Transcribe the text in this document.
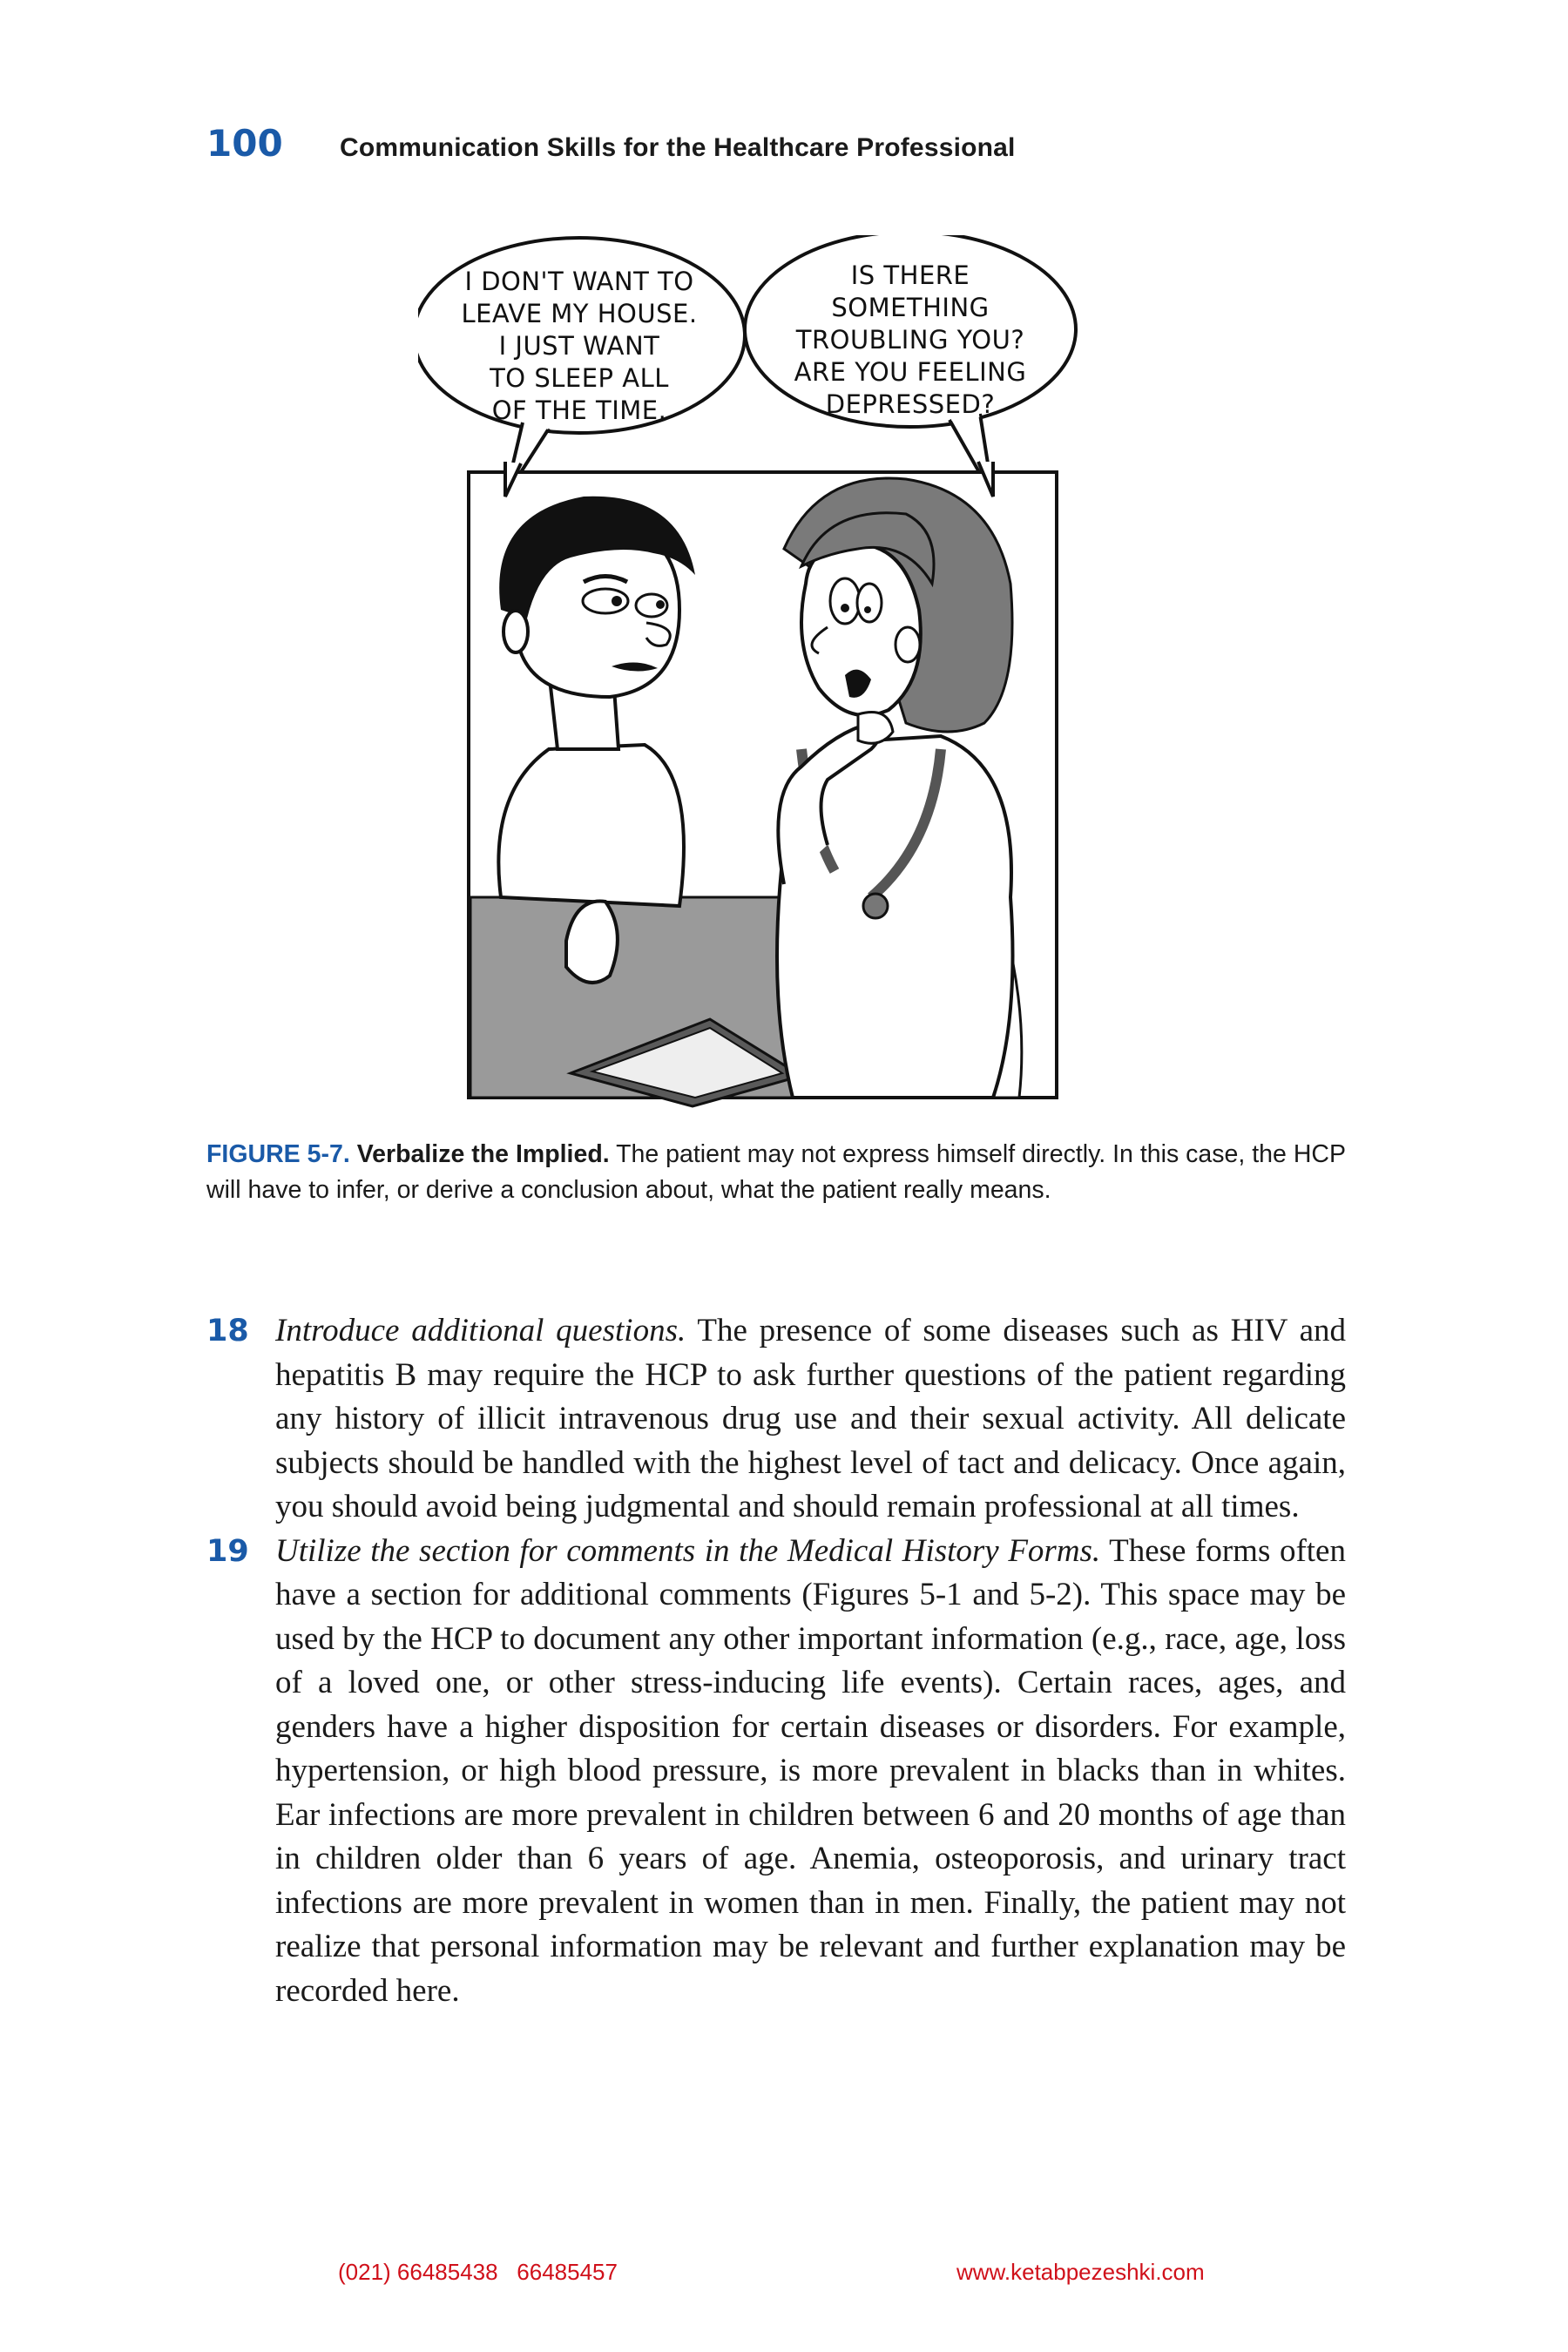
100	Communication Skills for the Healthcare Professional
I DON'T WANT TO
LEAVE MY HOUSE.
I JUST WANT
TO SLEEP ALL
OF THE TIME.
IS THERE
SOMETHING
TROUBLING YOU?
ARE YOU FEELING
DEPRESSED?
FIGURE 5-7. Verbalize the Implied. The patient may not express himself directly. In this case, the HCP will have to infer, or derive a conclusion about, what the patient really means.
18 Introduce additional questions. The presence of some diseases such as HIV and hepatitis B may require the HCP to ask further questions of the patient regarding any history of illicit intravenous drug use and their sexual activity. All delicate subjects should be handled with the highest level of tact and delicacy. Once again, you should avoid being judgmental and should remain professional at all times.
19 Utilize the section for comments in the Medical History Forms. These forms often have a section for additional comments (Figures 5-1 and 5-2). This space may be used by the HCP to document any other important information (e.g., race, age, loss of a loved one, or other stress-inducing life events). Certain races, ages, and genders have a higher disposition for certain diseases or disorders. For example, hypertension, or high blood pressure, is more prevalent in blacks than in whites. Ear infections are more prevalent in children between 6 and 20 months of age than in children older than 6 years of age. Anemia, osteoporosis, and urinary tract infections are more prevalent in women than in men. Finally, the patient may not realize that personal information may be relevant and further explanation may be recorded here.
(021) 66485438   66485457	www.ketabpezeshki.com
